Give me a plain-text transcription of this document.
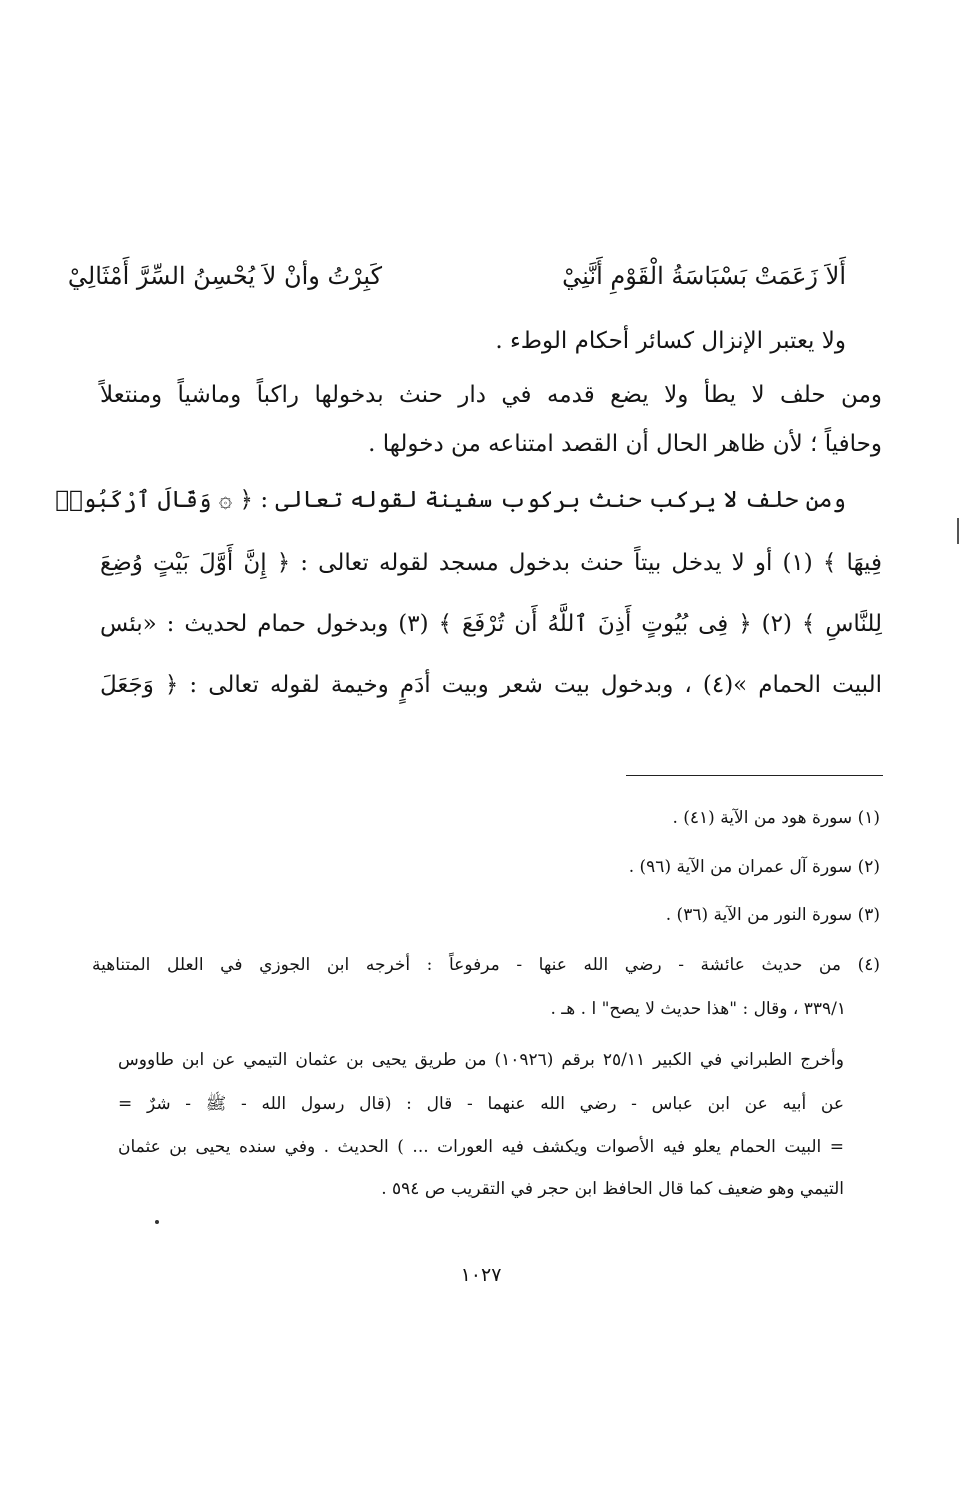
أَلاَ زَعَمَتْ بَسْبَاسَةُ الْقَوْمِ أَنَّنِيْ
كَبِرْتُ وأنْ لاَ يُحْسِنُ السِّرَّ أَمْثَالِيْ
ولا يعتبر الإنزال كسائر أحكام الوطء .
ومن حلف لا يطأ ولا يضع قدمه في دار حنث بدخولها راكباً وماشياً ومنتعلاً
وحافياً ؛ لأن ظاهر الحال أن القصد امتناعه من دخولها .
ومن حلف لا يركب حنث بركوب سفينة لقوله تعالى : ﴿ ۞ وَقَالَ ٱرْكَبُوا۟
فِيهَا ﴾ (١) أو لا يدخل بيتاً حنث بدخول مسجد لقوله تعالى : ﴿ إِنَّ أَوَّلَ بَيْتٍ وُضِعَ
لِلنَّاسِ ﴾ (٢) ﴿ فِى بُيُوتٍ أَذِنَ ٱللَّهُ أَن تُرْفَعَ ﴾ (٣) وبدخول حمام لحديث : «بئس
البيت الحمام »(٤) ، وبدخول بيت شعر وبيت أدَمٍ وخيمة لقوله تعالى : ﴿ وَجَعَلَ
(١) سورة هود من الآية (٤١) .
(٢) سورة آل عمران من الآية (٩٦) .
(٣) سورة النور من الآية (٣٦) .
(٤) من حديث عائشة - رضي الله عنها - مرفوعاً : أخرجه ابن الجوزي في العلل المتناهية
٣٣٩/١ ، وقال : "هذا حديث لا يصح" ا . هـ .
وأخرج الطبراني في الكبير ٢٥/١١ برقم (١٠٩٢٦) من طريق يحيى بن عثمان التيمي عن ابن طاووس
عن أبيه عن ابن عباس - رضي الله عنهما - قال : (قال رسول الله - ﷺ - شرٌ =
= البيت الحمام يعلو فيه الأصوات ويكشف فيه العورات ... ) الحديث . وفي سنده يحيى بن عثمان
التيمي وهو ضعيف كما قال الحافظ ابن حجر في التقريب ص ٥٩٤ .
١٠٢٧
